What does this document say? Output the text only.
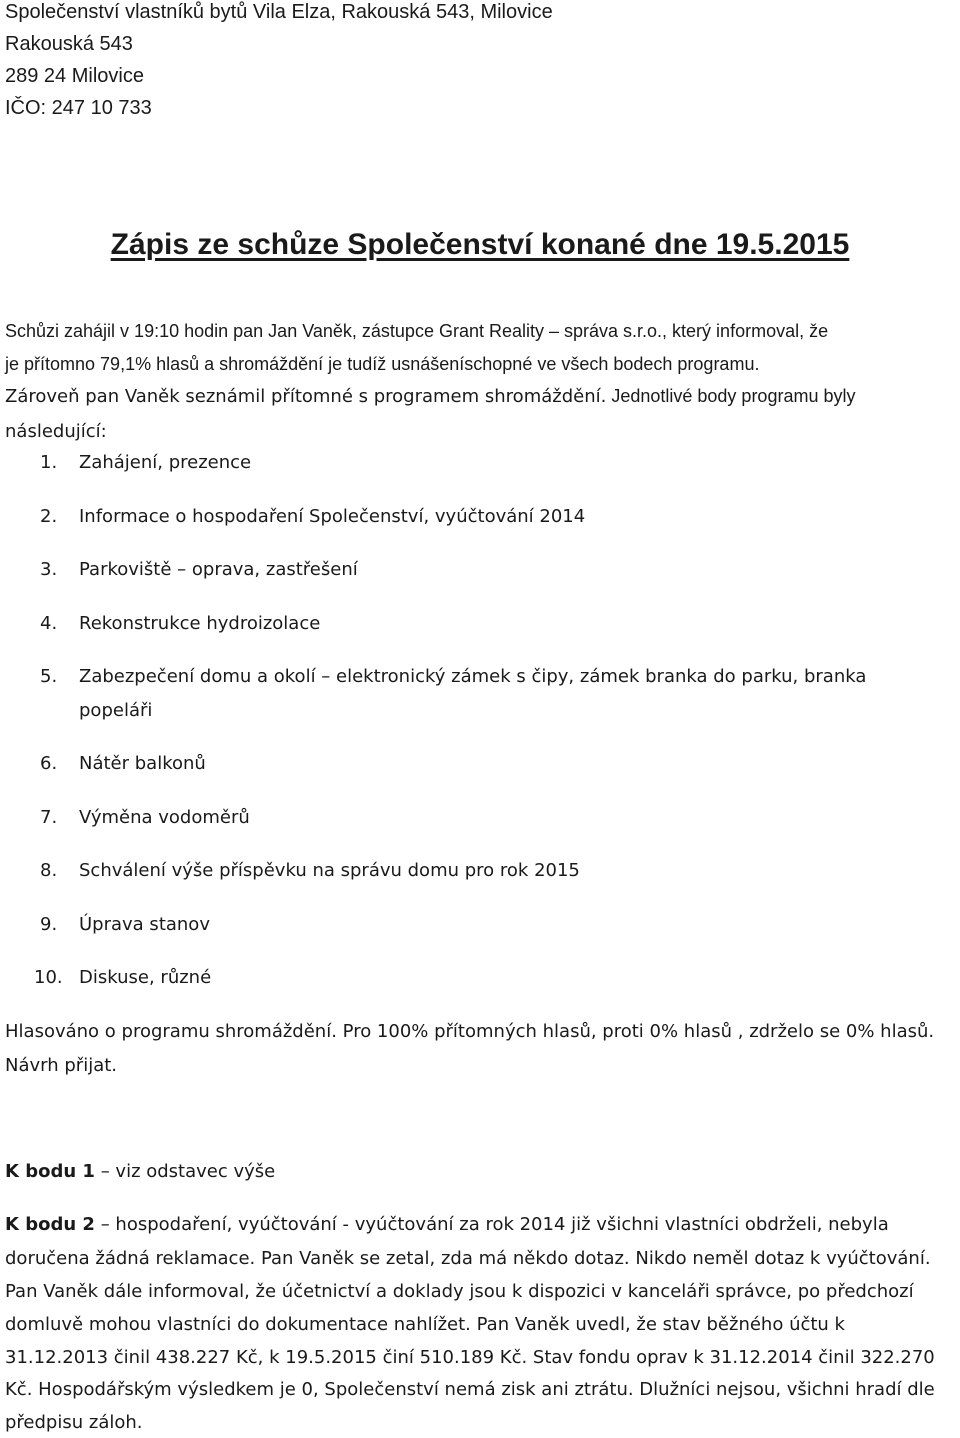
Společenství vlastníků bytů Vila Elza, Rakouská 543, Milovice

Rakouská 543

289 24 Milovice

IČO: 247 10 733

Zápis ze schůze Společenství konané dne 19.5.2015

Schůzi zahájil v 19:10 hodin pan Jan Vaněk, zástupce Grant Reality – správa s.r.o., který informoval, že

je přítomno 79,1% hlasů a shromáždění je tudíž usnášeníschopné ve všech bodech programu.

Zároveň pan Vaněk seznámil přítomné s programem shromáždění. Jednotlivé body programu byly

následující:

1. Zahájení, prezence

2. Informace o hospodaření Společenství, vyúčtování 2014

3. Parkoviště – oprava, zastřešení

4. Rekonstrukce hydroizolace

5. Zabezpečení domu a okolí – elektronický zámek s čipy, zámek branka do parku, branka

popeláři

6. Nátěr balkonů

7. Výměna vodoměrů

8. Schválení výše příspěvku na správu domu pro rok 2015

9. Úprava stanov

10. Diskuse, různé

Hlasováno o programu shromáždění. Pro 100% přítomných hlasů, proti 0% hlasů , zdrželo se 0% hlasů.

Návrh přijat.

K bodu 1 – viz odstavec výše

K bodu 2 – hospodaření, vyúčtování - vyúčtování za rok 2014 již všichni vlastníci obdrželi, nebyla

doručena žádná reklamace. Pan Vaněk se zetal, zda má někdo dotaz. Nikdo neměl dotaz k vyúčtování.

Pan Vaněk dále informoval, že účetnictví a doklady jsou k dispozici v kanceláři správce, po předchozí

domluvě mohou vlastníci do dokumentace nahlížet. Pan Vaněk uvedl, že stav běžného účtu k

31.12.2013 činil 438.227 Kč, k 19.5.2015 činí 510.189 Kč. Stav fondu oprav k 31.12.2014 činil 322.270

Kč. Hospodářským výsledkem je 0, Společenství nemá zisk ani ztrátu. Dlužníci nejsou, všichni hradí dle

předpisu záloh.
